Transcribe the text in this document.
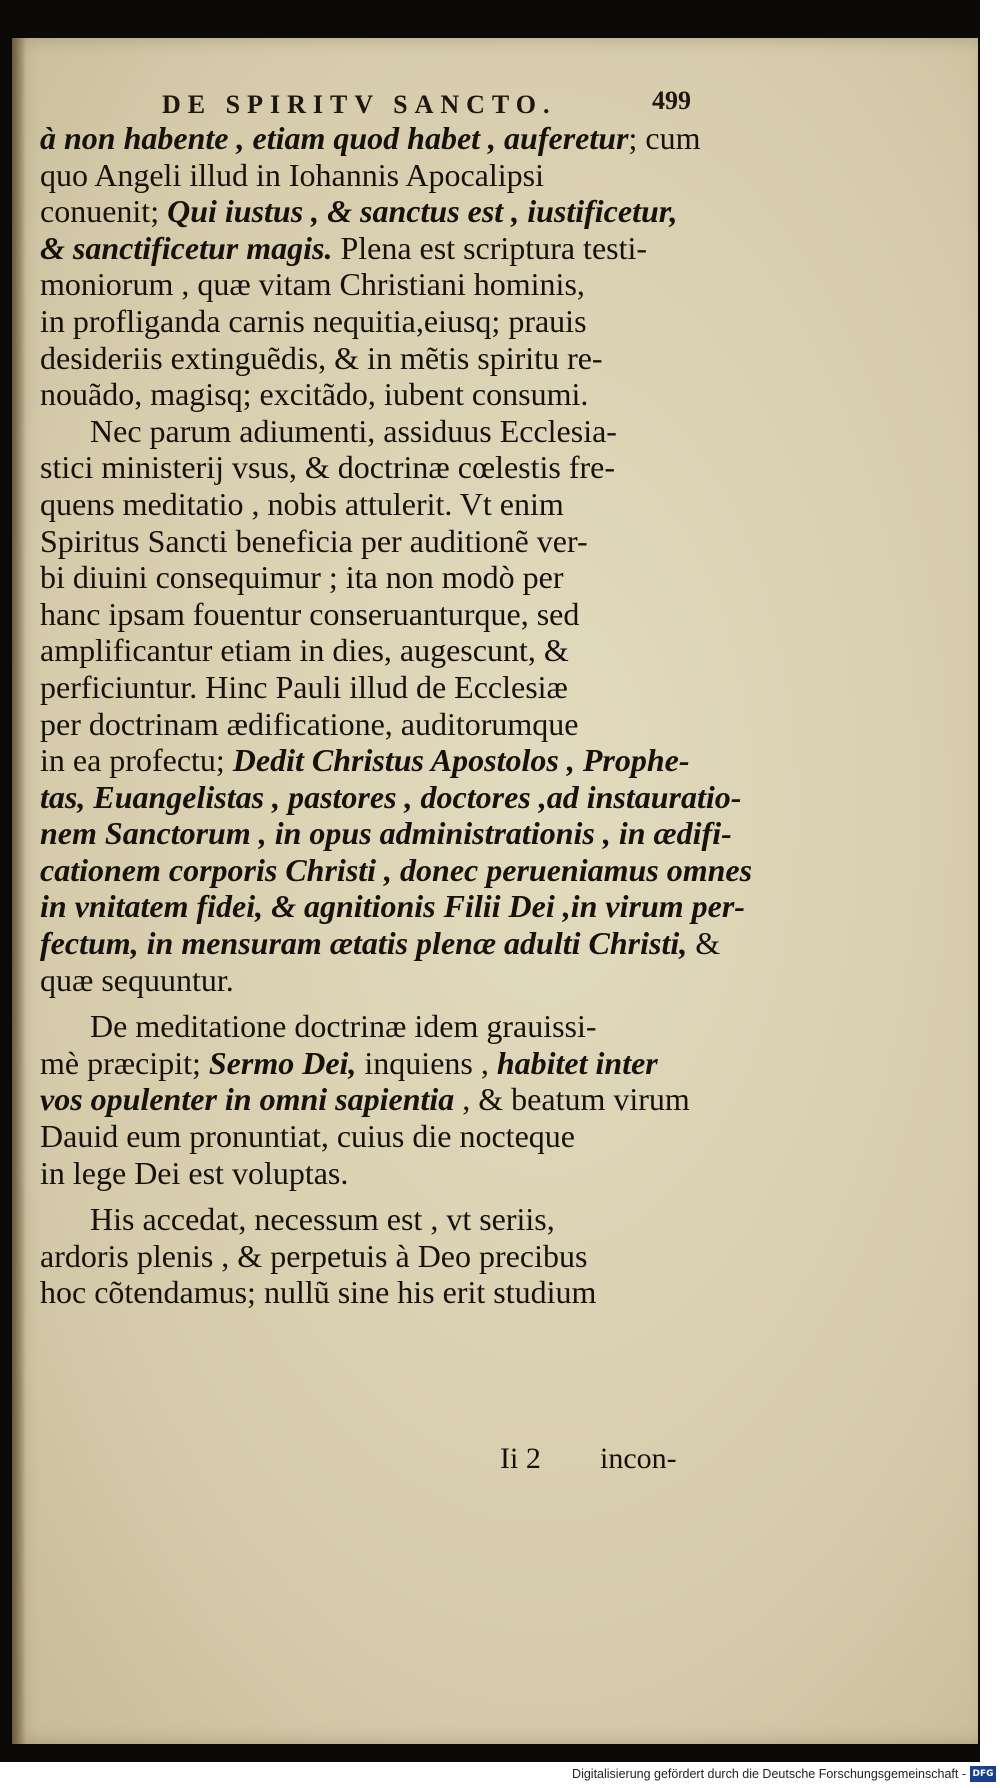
DE SPIRITV SANCTO.	499
à non habente , etiam quod habet , auferetur; cum
quo Angeli illud in Iohannis Apocalipsi
conuenit; Qui iustus , & sanctus est , iustificetur,
& sanctificetur magis. Plena est scriptura testi-
moniorum , quæ vitam Christiani hominis,
in profliganda carnis nequitia,eiusq; prauis
desideriis extinguẽdis, & in mẽtis spiritu re-
nouãdo, magisq; excitãdo, iubent consumi.
Nec parum adiumenti, assiduus Ecclesia-
stici ministerij vsus, & doctrinæ cœlestis fre-
quens meditatio , nobis attulerit. Vt enim
Spiritus Sancti beneficia per auditionẽ ver-
bi diuini consequimur ; ita non modò per
hanc ipsam fouentur conseruanturque, sed
amplificantur etiam in dies, augescunt, &
perficiuntur. Hinc Pauli illud de Ecclesiæ
per doctrinam ædificatione, auditorumque
in ea profectu; Dedit Christus Apostolos , Prophe-
tas, Euangelistas , pastores , doctores ,ad instauratio-
nem Sanctorum , in opus administrationis , in ædifi-
cationem corporis Christi , donec perueniamus omnes
in vnitatem fidei, & agnitionis Filii Dei ,in virum per-
fectum, in mensuram ætatis plenæ adulti Christi, &
quæ sequuntur.
De meditatione doctrinæ idem grauissi-
mè præcipit; Sermo Dei, inquiens , habitet inter
vos opulenter in omni sapientia , & beatum virum
Dauid eum pronuntiat, cuius die nocteque
in lege Dei est voluptas.
His accedat, necessum est , vt seriis,
ardoris plenis , & perpetuis à Deo precibus
hoc cõtendamus; nullũ sine his erit studium
Ii 2 incon-
Digitalisierung gefördert durch die Deutsche Forschungsgemeinschaft - DFG
